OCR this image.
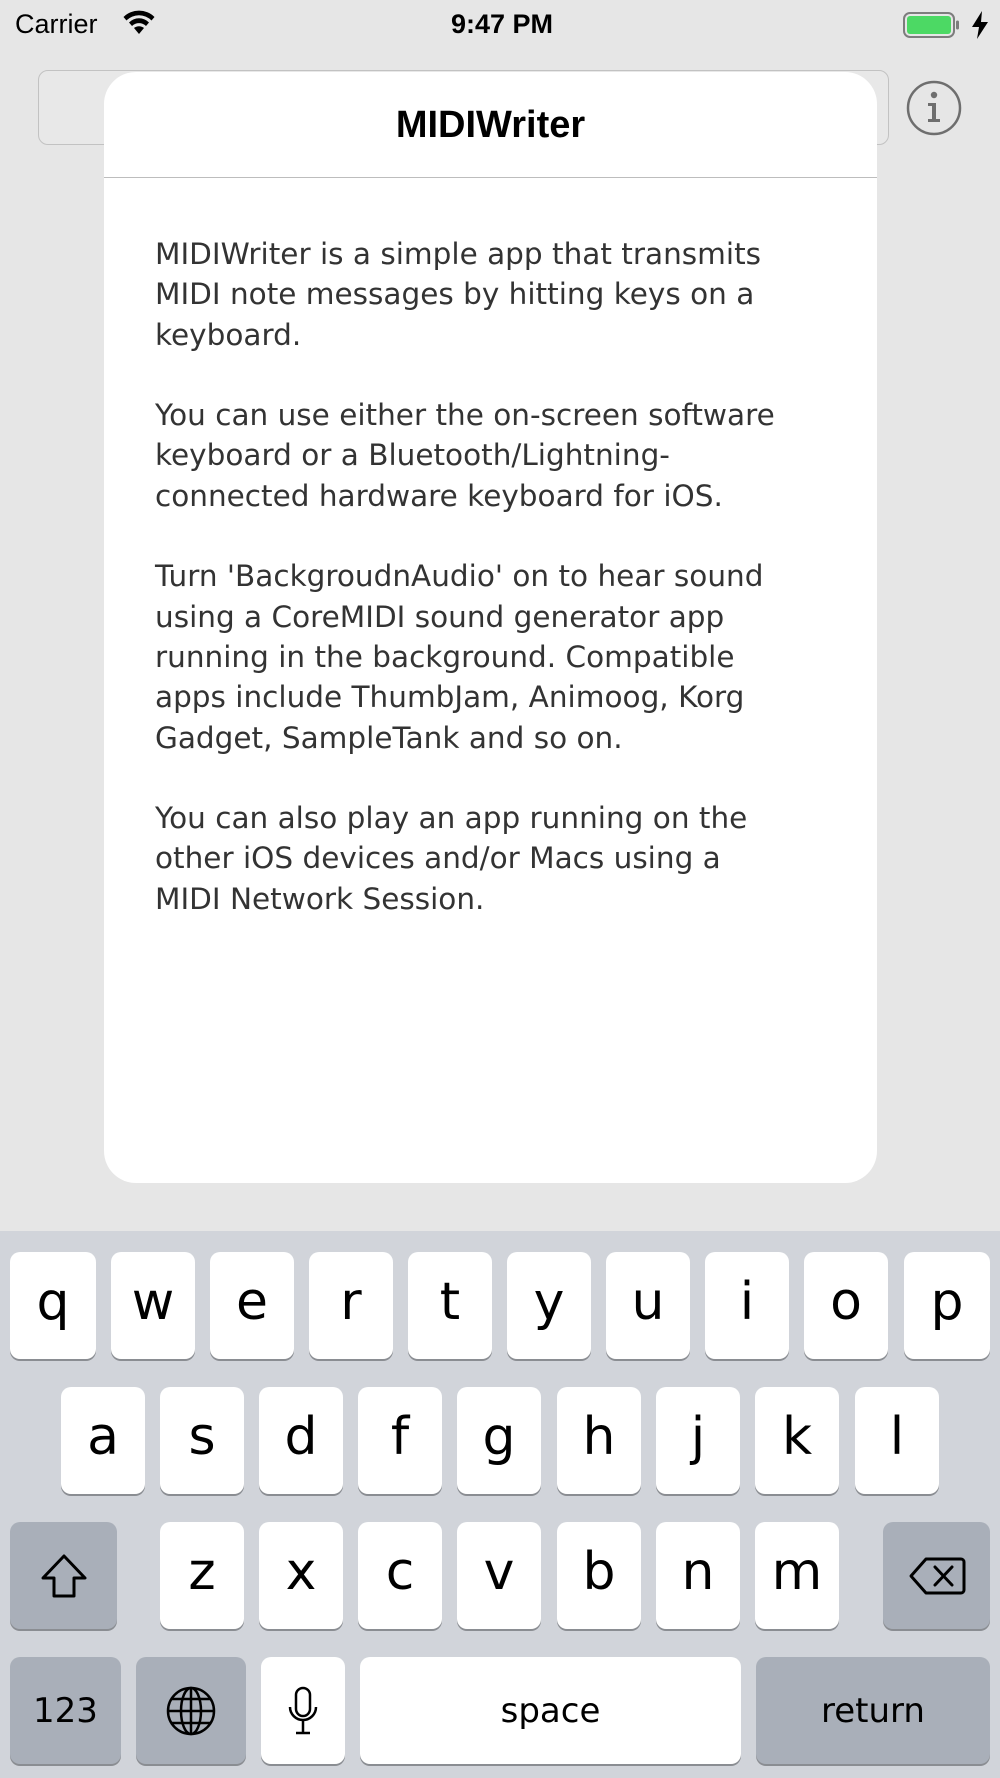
Carrier	9:47 PM
MIDIWriter

MIDIWriter is a simple app that transmits
MIDI note messages by hitting keys on a
keyboard.

You can use either the on-screen software
keyboard or a Bluetooth/Lightning-
connected hardware keyboard for iOS.

Turn 'BackgroudnAudio' on to hear sound
using a CoreMIDI sound generator app
running in the background. Compatible
apps include ThumbJam, Animoog, Korg
Gadget, SampleTank and so on.

You can also play an app running on the
other iOS devices and/or Macs using a
MIDI Network Session.

q w e r t y u i o p
a s d f g h j k l
z x c v b n m
123	space	return
